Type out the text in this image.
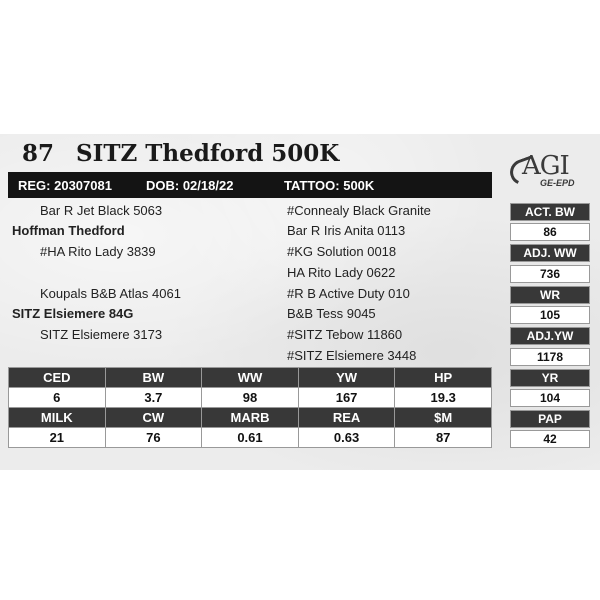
87 SITZ Thedford 500K	AGI
GE-EPD
REG: 20307081	DOB: 02/18/22	TATTOO: 500K
Bar R Jet Black 5063
Hoffman Thedford
#HA Rito Lady 3839
Koupals B&B Atlas 4061
SITZ Elsiemere 84G
SITZ Elsiemere 3173
#Connealy Black Granite
Bar R Iris Anita 0113
#KG Solution 0018
HA Rito Lady 0622
#R B Active Duty 010
B&B Tess 9045
#SITZ Tebow 11860
#SITZ Elsiemere 3448
ACT. BW
86
ADJ. WW
736
WR
105
ADJ.YW
1178
YR
104
PAP
42
CED	BW	WW	YW	HP
6	3.7	98	167	19.3
MILK	CW	MARB	REA	$M
21	76	0.61	0.63	87
